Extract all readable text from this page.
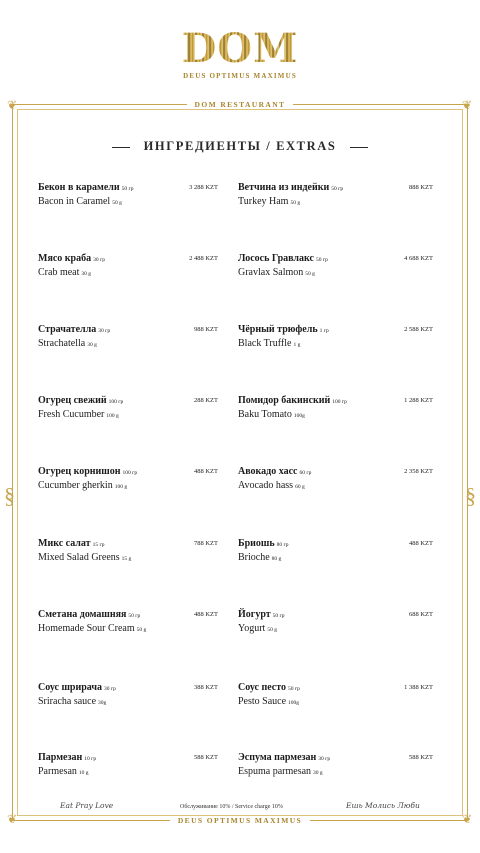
DOM
DEUS OPTIMUS MAXIMUS
DOM RESTAURANT
DEUS OPTIMUS MAXIMUS
❦	❦
❦	❦
§	§
ИНГРЕДИЕНТЫ / EXTRAS
Бекон в карамели 50 гр
Bacon in Caramel 50 g
3 288 KZT
Мясо краба 30 гр
Crab meat 30 g
2 488 KZT
Страчателла 30 гр
Strachatella 30 g
988 KZT
Огурец свежий 100 гр
Fresh Cucumber 100 g
288 KZT
Огурец корнишон 100 гр
Cucumber gherkin 100 g
488 KZT
Микс салат 15 гр
Mixed Salad Greens 15 g
788 KZT
Сметана домашняя 50 гр
Homemade Sour Cream 50 g
488 KZT
Соус шрирача 30 гр
Sriracha sauce 30g
388 KZT
Пармезан 10 гр
Parmesan 10 g
588 KZT
Ветчина из индейки 50 гр
Turkey Ham 50 g
888 KZT
Лосось Гравлакс 50 гр
Gravlax Salmon 50 g
4 688 KZT
Чёрный трюфель 1 гр
Black Truffle 1 g
2 588 KZT
Помидор бакинский 100 гр
Baku Tomato 100g
1 288 KZT
Авокадо хасс 60 гр
Avocado hass 60 g
2 358 KZT
Бриошь 80 гр
Brioche 80 g
488 KZT
Йогурт 50 гр
Yogurt 50 g
688 KZT
Соус песто 50 гр
Pesto Sauce 100g
1 388 KZT
Эспума пармезан 30 гр
Espuma parmesan 30 g
588 KZT
Eat Pray Love	Обслуживание 10% / Service charge 10%	Ешь Молись Люби
